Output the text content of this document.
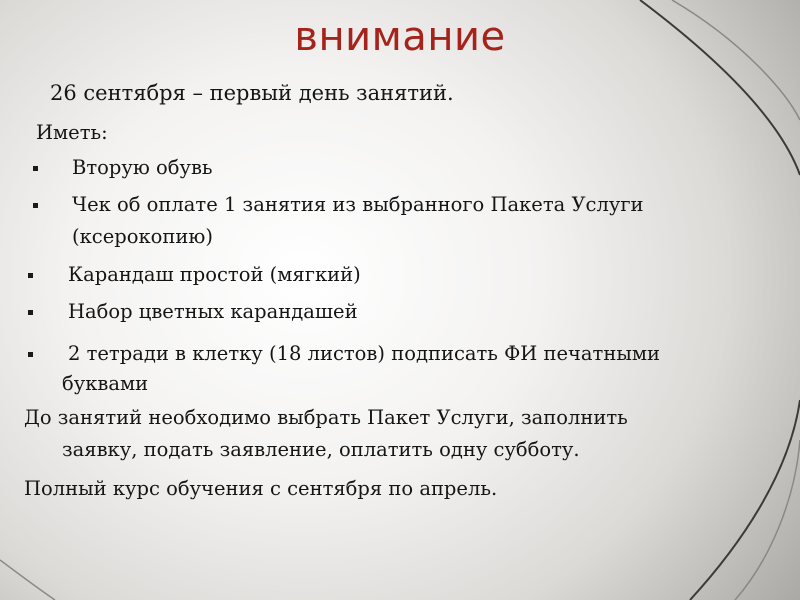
внимание
26 сентября – первый день занятий.
Иметь:
Вторую обувь
Чек об оплате 1 занятия из выбранного Пакета Услуги
(ксерокопию)
Карандаш простой (мягкий)
Набор цветных карандашей
2 тетради в клетку (18 листов) подписать ФИ печатными
буквами
До занятий необходимо выбрать Пакет Услуги, заполнить
заявку, подать заявление, оплатить одну субботу.
Полный курс обучения с сентября по апрель.
